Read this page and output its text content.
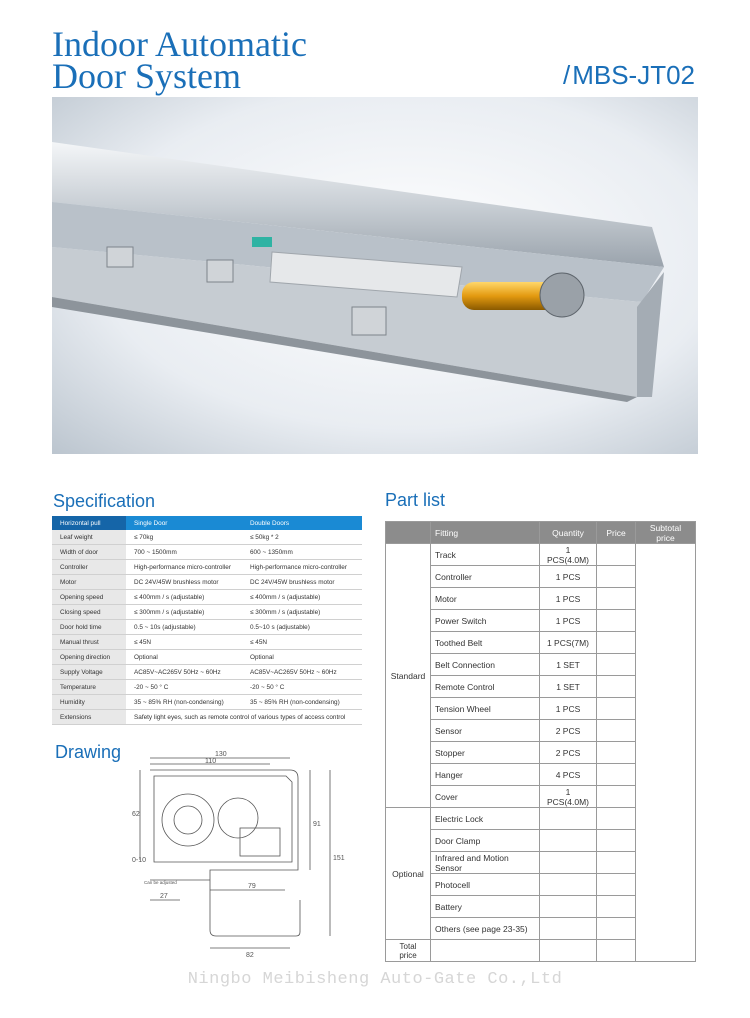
Indoor Automatic
Door System	/MBS-JT02
Specification
Horizontal pull	Single Door	Double Doors
Leaf weight	≤ 70kg	≤ 50kg * 2
Width of door	700 ~ 1500mm	600 ~ 1350mm
Controller	High-performance micro-controller	High-performance micro-controller
Motor	DC 24V/45W brushless motor	DC 24V/45W brushless motor
Opening speed	≤ 400mm / s (adjustable)	≤ 400mm / s (adjustable)
Closing speed	≤ 300mm / s (adjustable)	≤ 300mm / s (adjustable)
Door hold time	0.5 ~ 10s (adjustable)	0.5~10 s (adjustable)
Manual thrust	≤ 45N	≤ 45N
Opening direction	Optional	Optional
Supply Voltage	AC85V~AC265V 50Hz ~ 60Hz	AC85V~AC265V 50Hz ~ 60Hz
Temperature	-20 ~ 50 ° C	-20 ~ 50 ° C
Humidity	35 ~ 85% RH (non-condensing)	35 ~ 85% RH (non-condensing)
Extensions	Safety light eyes, such as remote control of various types of access control	
Drawing	130
110
62
91
151
0-10
27
79
82
Can be adjusted
Part list
	Fitting	Quantity	Price	Subtotal price
Standard	Track	1 PCS(4.0M)		
	Controller	1 PCS		
	Motor	1 PCS		
	Power Switch	1 PCS		
	Toothed Belt	1 PCS(7M)		
	Belt Connection	1 SET		
	Remote Control	1 SET		
	Tension Wheel	1 PCS		
	Sensor	2 PCS		
	Stopper	2 PCS		
	Hanger	4 PCS		
	Cover	1 PCS(4.0M)		
Optional	Electric Lock			
	Door Clamp			
	Infrared and Motion Sensor			
	Photocell			
	Battery			
	Others (see page 23-35)			
Total price				
Ningbo Meibisheng Auto-Gate Co.,Ltd
